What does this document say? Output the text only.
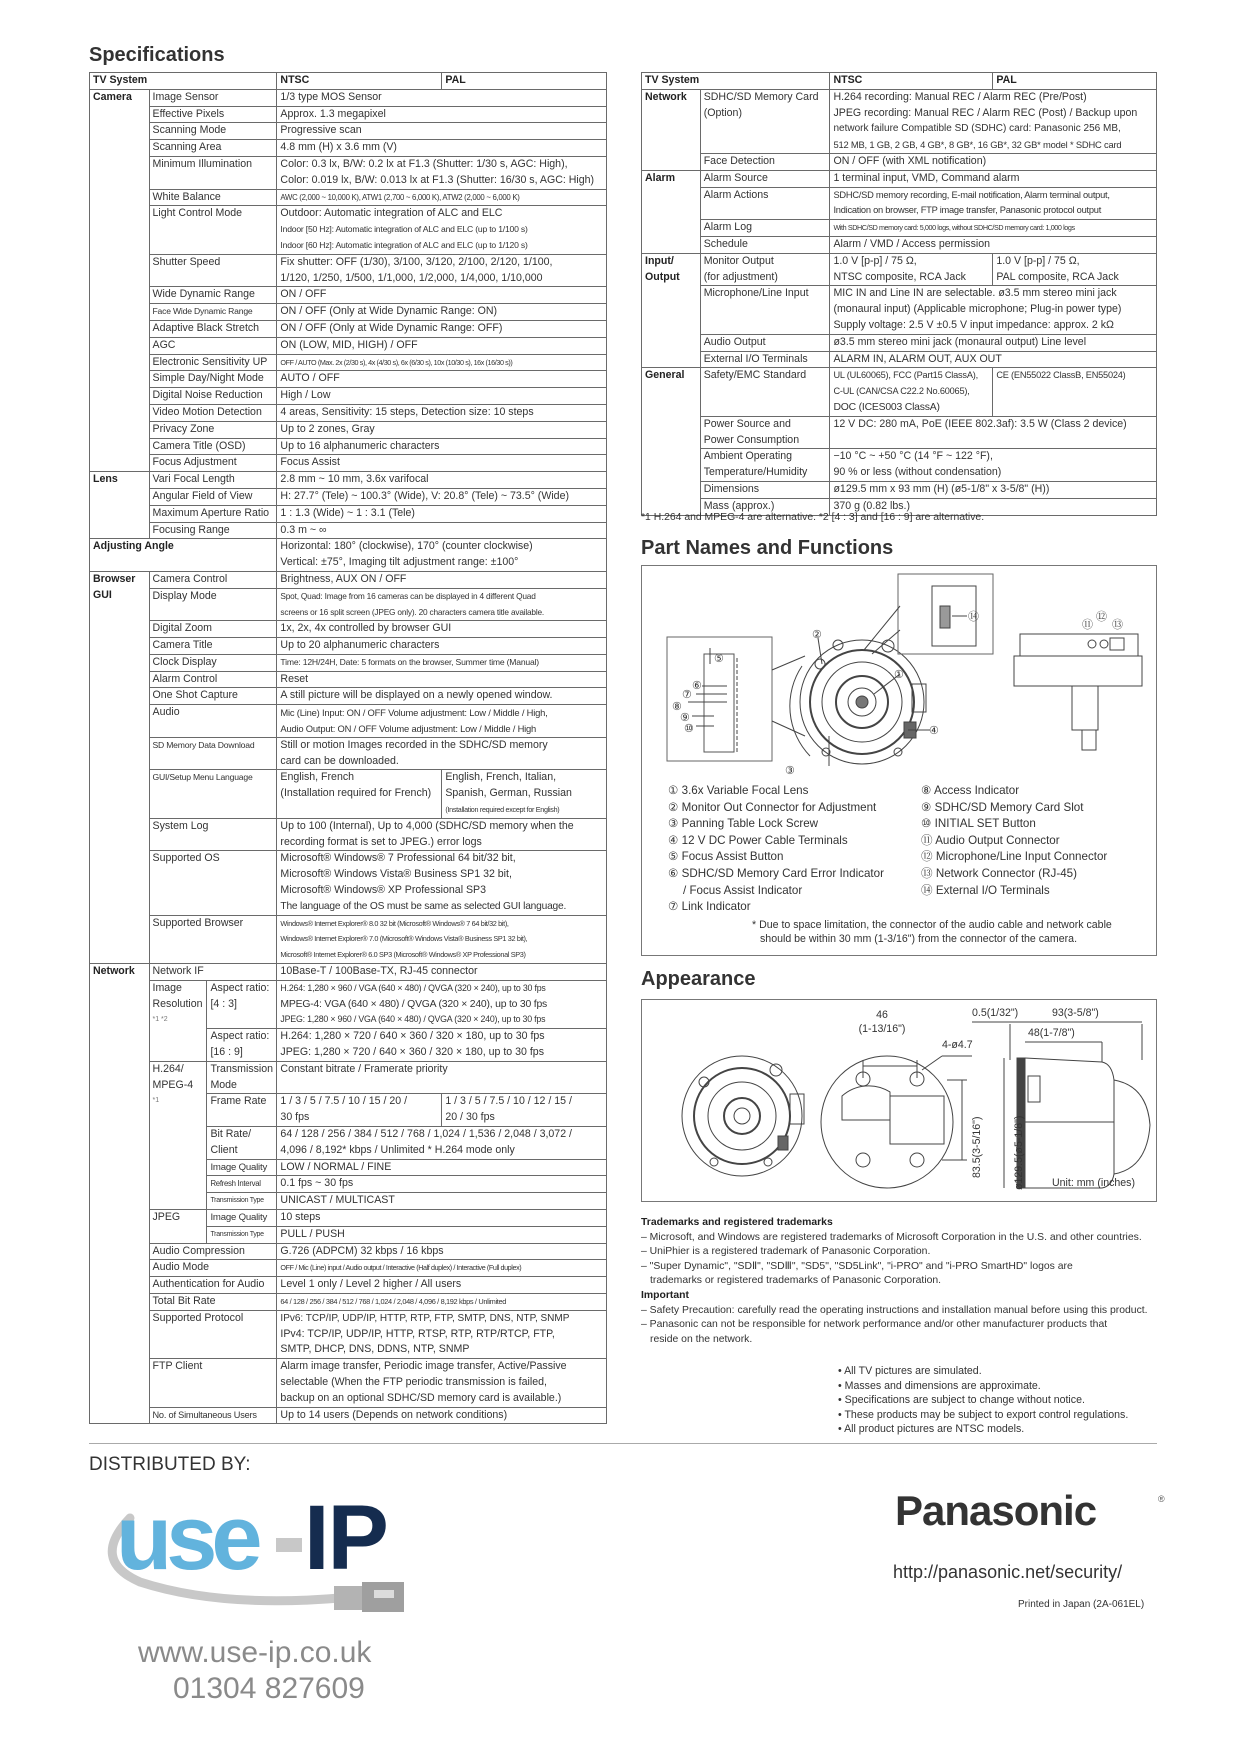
Specifications
TV System			NTSC	PAL
Camera	Image Sensor		1/3 type MOS Sensor	
	Effective Pixels		Approx. 1.3 megapixel	
	Scanning Mode		Progressive scan	
	Scanning Area		4.8 mm (H) x 3.6 mm (V)	
	Minimum Illumination		Color: 0.3 lx, B/W: 0.2 lx at F1.3 (Shutter: 1/30 s, AGC: High),
Color: 0.019 lx, B/W: 0.013 lx at F1.3 (Shutter: 16/30 s, AGC: High)	

	White Balance		AWC (2,000 ~ 10,000 K), ATW1 (2,700 ~ 6,000 K), ATW2 (2,000 ~ 6,000 K)	
	Light Control Mode		Outdoor: Automatic integration of ALC and ELC
Indoor [50 Hz]: Automatic integration of ALC and ELC (up to 1/100 s)
Indoor [60 Hz]: Automatic integration of ALC and ELC (up to 1/120 s)	

	Shutter Speed		Fix shutter: OFF (1/30), 3/100, 3/120, 2/100, 2/120, 1/100,
1/120, 1/250, 1/500, 1/1,000, 1/2,000, 1/4,000, 1/10,000	

	Wide Dynamic Range		ON / OFF	
	Face Wide Dynamic Range		ON / OFF (Only at Wide Dynamic Range: ON)	
	Adaptive Black Stretch		ON / OFF (Only at Wide Dynamic Range: OFF)	
	AGC		ON (LOW, MID, HIGH) / OFF	
	Electronic Sensitivity UP		OFF / AUTO (Max. 2x (2/30 s), 4x (4/30 s), 6x (6/30 s), 10x (10/30 s), 16x (16/30 s))	
	Simple Day/Night Mode		AUTO / OFF	
	Digital Noise Reduction		High / Low	
	Video Motion Detection		4 areas, Sensitivity: 15 steps, Detection size: 10 steps	
	Privacy Zone		Up to 2 zones, Gray	
	Camera Title (OSD)		Up to 16 alphanumeric characters	
	Focus Adjustment		Focus Assist	
Lens	Vari Focal Length		2.8 mm ~ 10 mm, 3.6x varifocal	
	Angular Field of View		H: 27.7° (Tele) ~ 100.3° (Wide), V: 20.8° (Tele) ~ 73.5° (Wide)	
	Maximum Aperture Ratio		1 : 1.3 (Wide) ~ 1 : 3.1 (Tele)	
	Focusing Range		0.3 m ~ ∞	
Adjusting Angle			Horizontal: 180° (clockwise), 170° (counter clockwise)
Vertical: ±75°, Imaging tilt adjustment range: ±100°	

Browser
GUI	Camera Control		Brightness, AUX ON / OFF	
	Display Mode		Spot, Quad: Image from 16 cameras can be displayed in 4 different Quad
screens or 16 split screen (JPEG only). 20 characters camera title available.	

	Digital Zoom		1x, 2x, 4x controlled by browser GUI	
	Camera Title		Up to 20 alphanumeric characters	
	Clock Display		Time: 12H/24H, Date: 5 formats on the browser, Summer time (Manual)	
	Alarm Control		Reset	
	One Shot Capture		A still picture will be displayed on a newly opened window.	
	Audio		Mic (Line) Input: ON / OFF Volume adjustment: Low / Middle / High,
Audio Output: ON / OFF Volume adjustment: Low / Middle / High	

	SD Memory Data Download		Still or motion Images recorded in the SDHC/SD memory
card can be downloaded.	

	GUI/Setup Menu Language		English, French
(Installation required for French)	English, French, Italian,
Spanish, German, Russian
(Installation required except for English)

	System Log		Up to 100 (Internal), Up to 4,000 (SDHC/SD memory when the
recording format is set to JPEG.) error logs	

	Supported OS		Microsoft® Windows® 7 Professional 64 bit/32 bit,
Microsoft® Windows Vista® Business SP1 32 bit,
Microsoft® Windows® XP Professional SP3
The language of the OS must be same as selected GUI language.	

	Supported Browser		Windows® Internet Explorer® 8.0 32 bit (Microsoft® Windows® 7 64 bit/32 bit),
Windows® Internet Explorer® 7.0 (Microsoft® Windows Vista® Business SP1 32 bit),
Microsoft® Internet Explorer® 6.0 SP3 (Microsoft® Windows® XP Professional SP3)	

Network	Network IF		10Base-T / 100Base-TX, RJ-45 connector	

	Image
Resolution
*1 *2	Aspect ratio:
[4 : 3]	H.264: 1,280 × 960 / VGA (640 × 480) / QVGA (320 × 240), up to 30 fps
MPEG-4: VGA (640 × 480) / QVGA (320 × 240), up to 30 fps
JPEG: 1,280 × 960 / VGA (640 × 480) / QVGA (320 × 240), up to 30 fps	

		Aspect ratio:
[16 : 9]	H.264: 1,280 × 720 / 640 × 360 / 320 × 180, up to 30 fps
JPEG: 1,280 × 720 / 640 × 360 / 320 × 180, up to 30 fps	

	H.264/
MPEG-4
*1	Transmission
Mode	Constant bitrate / Framerate priority	
		Frame Rate	1 / 3 / 5 / 7.5 / 10 / 15 / 20 /
30 fps	1 / 3 / 5 / 7.5 / 10 / 12 / 15 /
20 / 30 fps

		Bit Rate/
Client	64 / 128 / 256 / 384 / 512 / 768 / 1,024 / 1,536 / 2,048 / 3,072 /
4,096 / 8,192* kbps / Unlimited * H.264 mode only	

		Image Quality	LOW / NORMAL / FINE	
		Refresh Interval	0.1 fps ~ 30 fps	
		Transmission Type	UNICAST / MULTICAST	
	JPEG	Image Quality	10 steps	
		Transmission Type	PULL / PUSH	
	Audio Compression		G.726 (ADPCM) 32 kbps / 16 kbps	
	Audio Mode		OFF / Mic (Line) input / Audio output / Interactive (Half duplex) / Interactive (Full duplex)	
	Authentication for Audio		Level 1 only / Level 2 higher / All users	
	Total Bit Rate		64 / 128 / 256 / 384 / 512 / 768 / 1,024 / 2,048 / 4,096 / 8,192 kbps / Unlimited	
	Supported Protocol		IPv6: TCP/IP, UDP/IP, HTTP, RTP, FTP, SMTP, DNS, NTP, SNMP
IPv4: TCP/IP, UDP/IP, HTTP, RTSP, RTP, RTP/RTCP, FTP,
SMTP, DHCP, DNS, DDNS, NTP, SNMP	

	FTP Client		Alarm image transfer, Periodic image transfer, Active/Passive
selectable (When the FTP periodic transmission is failed,
backup on an optional SDHC/SD memory card is available.)	

	No. of Simultaneous Users		Up to 14 users (Depends on network conditions)	
TV System		NTSC	PAL
Network	SDHC/SD Memory Card
(Option)	H.264 recording: Manual REC / Alarm REC (Pre/Post)
JPEG recording: Manual REC / Alarm REC (Post) / Backup upon
network failure Compatible SD (SDHC) card: Panasonic 256 MB,
512 MB, 1 GB, 2 GB, 4 GB*, 8 GB*, 16 GB*, 32 GB* model * SDHC card	

	Face Detection	ON / OFF (with XML notification)	
Alarm	Alarm Source	1 terminal input, VMD, Command alarm	
	Alarm Actions	SDHC/SD memory recording, E-mail notification, Alarm terminal output,
Indication on browser, FTP image transfer, Panasonic protocol output	

	Alarm Log	With SDHC/SD memory card: 5,000 logs, without SDHC/SD memory card: 1,000 logs	
	Schedule	Alarm / VMD / Access permission	

Input/
Output	Monitor Output
(for adjustment)	1.0 V [p-p] / 75 Ω,
NTSC composite, RCA Jack	1.0 V [p-p] / 75 Ω,
PAL composite, RCA Jack

	Microphone/Line Input	MIC IN and Line IN are selectable. ø3.5 mm stereo mini jack
(monaural input) (Applicable microphone; Plug-in power type)
Supply voltage: 2.5 V ±0.5 V input impedance: approx. 2 kΩ	

	Audio Output	ø3.5 mm stereo mini jack (monaural output) Line level	
	External I/O Terminals	ALARM IN, ALARM OUT, AUX OUT	
General	Safety/EMC Standard	UL (UL60065), FCC (Part15 ClassA),
C-UL (CAN/CSA C22.2 No.60065),
DOC (ICES003 ClassA)	CE (EN55022 ClassB, EN55024)

	Power Source and
Power Consumption	12 V DC: 280 mA, PoE (IEEE 802.3af): 3.5 W (Class 2 device)	

	Ambient Operating
Temperature/Humidity	−10 °C ~ +50 °C (14 °F ~ 122 °F),
90 % or less (without condensation)	

	Dimensions	ø129.5 mm x 93 mm (H) (ø5-1/8" x 3-5/8" (H))	
	Mass (approx.)	370 g (0.82 lbs.)	
*1 H.264 and MPEG-4 are alternative. *2 [4 : 3] and [16 : 9] are alternative.
Part Names and Functions
①
②
③
④
⑤
⑥
⑦
⑧
⑨
⑩
⑪
⑫
⑬
⑭
① 3.6x Variable Focal Lens
② Monitor Out Connector for Adjustment
③ Panning Table Lock Screw
④ 12 V DC Power Cable Terminals
⑤ Focus Assist Button
⑥ SDHC/SD Memory Card Error Indicator
/ Focus Assist Indicator
⑦ Link Indicator
⑧ Access Indicator
⑨ SDHC/SD Memory Card Slot
⑩ INITIAL SET Button
⑪ Audio Output Connector
⑫ Microphone/Line Input Connector
⑬ Network Connector (RJ-45)
⑭ External I/O Terminals
* Due to space limitation, the connector of the audio cable and network cable
should be within 30 mm (1-3/16") from the connector of the camera.
Appearance
46
(1-13/16")
4-ø4.7
83.5(3-5/16")
0.5(1/32")	93(3-5/8")
48(1-7/8")
ø129.5(ø5-1/8")	Unit: mm (inches)
Trademarks and registered trademarks
– Microsoft, and Windows are registered trademarks of Microsoft Corporation in the U.S. and other countries.
– UniPhier is a registered trademark of Panasonic Corporation.
– "Super Dynamic", "SDⅡ", "SDⅢ", "SD5", "SD5Link", "i-PRO" and "i-PRO SmartHD" logos are
trademarks or registered trademarks of Panasonic Corporation.
Important
– Safety Precaution: carefully read the operating instructions and installation manual before using this product.
– Panasonic can not be responsible for network performance and/or other manufacturer products that
reside on the network.
• All TV pictures are simulated.
• Masses and dimensions are approximate.
• Specifications are subject to change without notice.
• These products may be subject to export control regulations.
• All product pictures are NTSC models.
DISTRIBUTED BY:
use IP
www.use-ip.co.uk
01304 827609
Panasonic	®
http://panasonic.net/security/
Printed in Japan (2A-061EL)
